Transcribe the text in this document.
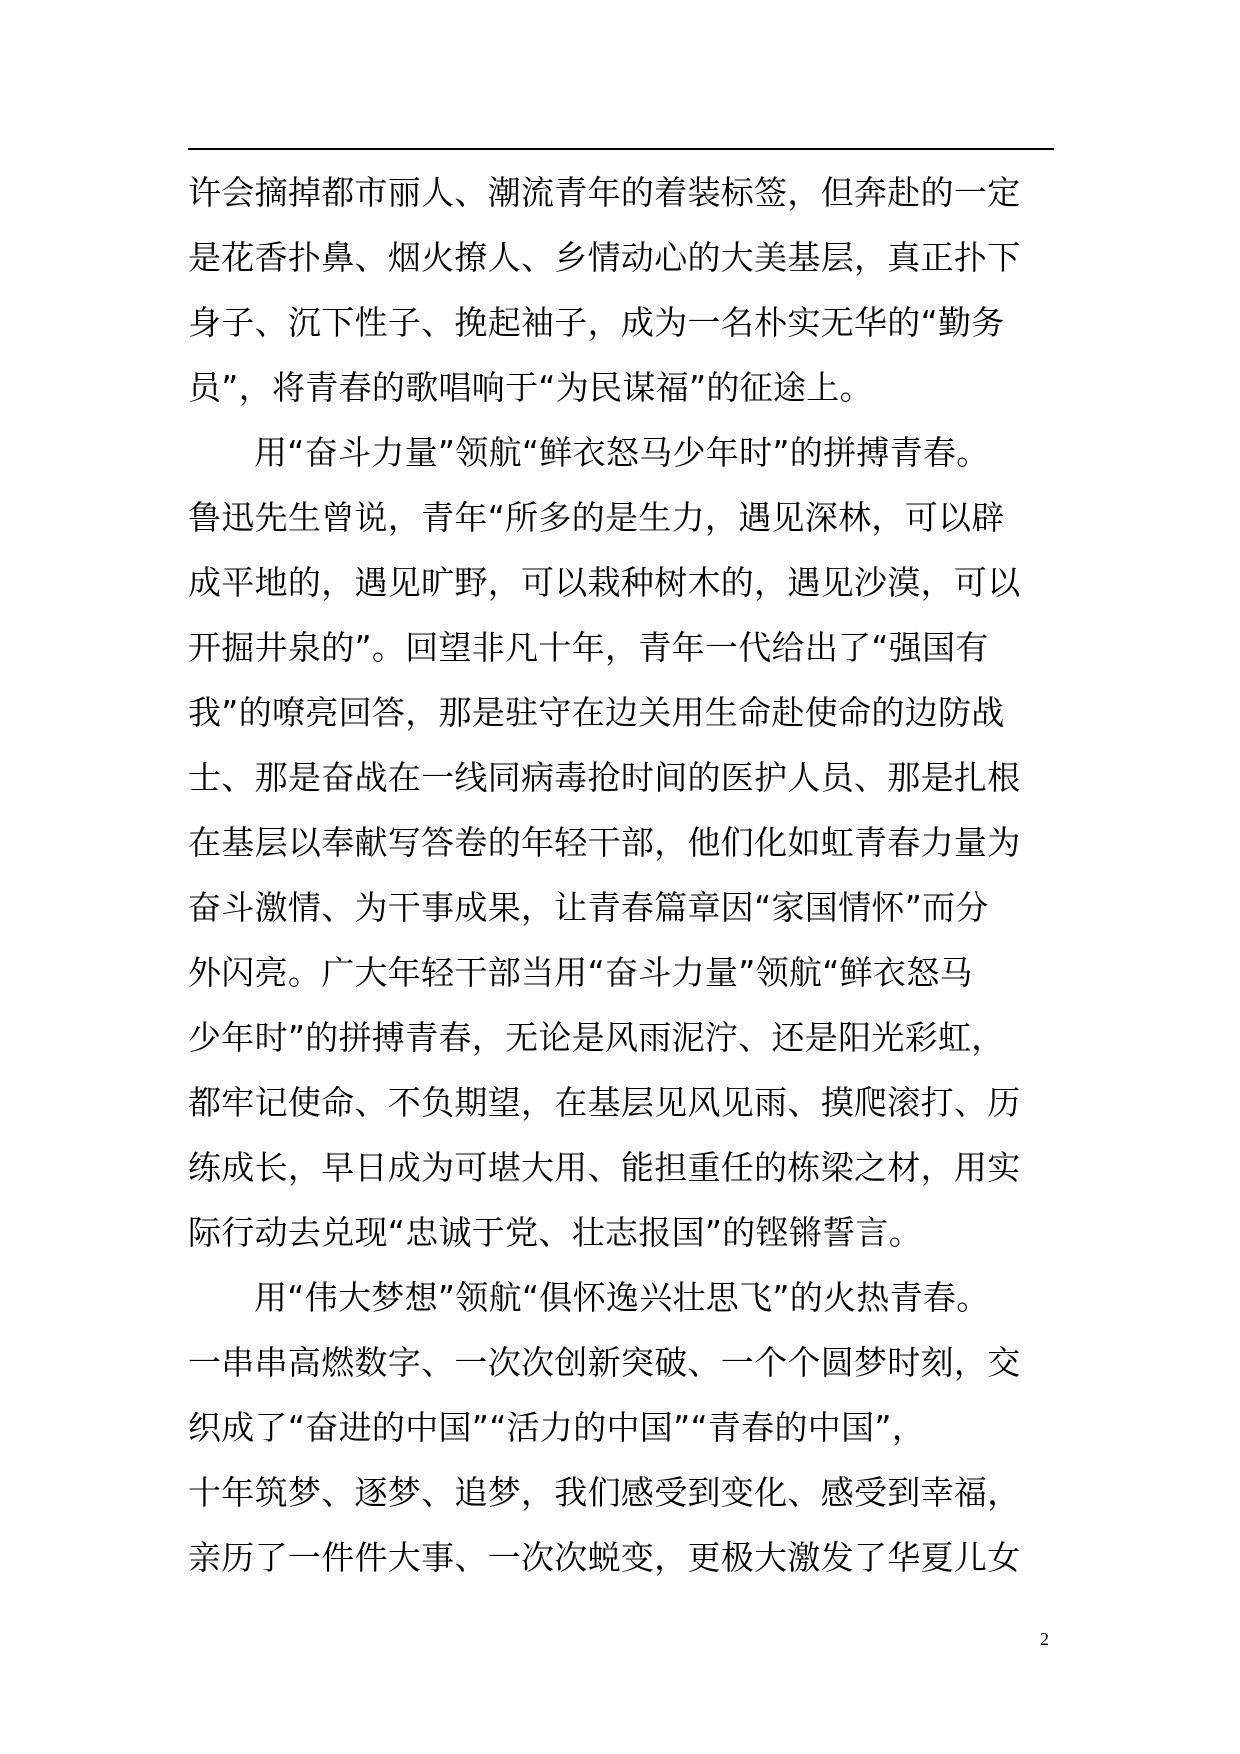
许会摘掉都市丽人、潮流青年的着装标签，但奔赴的一定
是花香扑鼻、烟火撩人、乡情动心的大美基层，真正扑下
身子、沉下性子、挽起袖子，成为一名朴实无华的“勤务
员”，将青春的歌唱响于“为民谋福”的征途上。
用“奋斗力量”领航“鲜衣怒马少年时”的拼搏青春。
鲁迅先生曾说，青年“所多的是生力，遇见深林，可以辟
成平地的，遇见旷野，可以栽种树木的，遇见沙漠，可以
开掘井泉的”。回望非凡十年，青年一代给出了“强国有
我”的嘹亮回答，那是驻守在边关用生命赴使命的边防战
士、那是奋战在一线同病毒抢时间的医护人员、那是扎根
在基层以奉献写答卷的年轻干部，他们化如虹青春力量为
奋斗激情、为干事成果，让青春篇章因“家国情怀”而分
外闪亮。广大年轻干部当用“奋斗力量”领航“鲜衣怒马
少年时”的拼搏青春，无论是风雨泥泞、还是阳光彩虹，
都牢记使命、不负期望，在基层见风见雨、摸爬滚打、历
练成长，早日成为可堪大用、能担重任的栋梁之材，用实
际行动去兑现“忠诚于党、壮志报国”的铿锵誓言。
用“伟大梦想”领航“俱怀逸兴壮思飞”的火热青春。
一串串高燃数字、一次次创新突破、一个个圆梦时刻，交
织成了“奋进的中国”“活力的中国”“青春的中国”，
十年筑梦、逐梦、追梦，我们感受到变化、感受到幸福，
亲历了一件件大事、一次次蜕变，更极大激发了华夏儿女
2
